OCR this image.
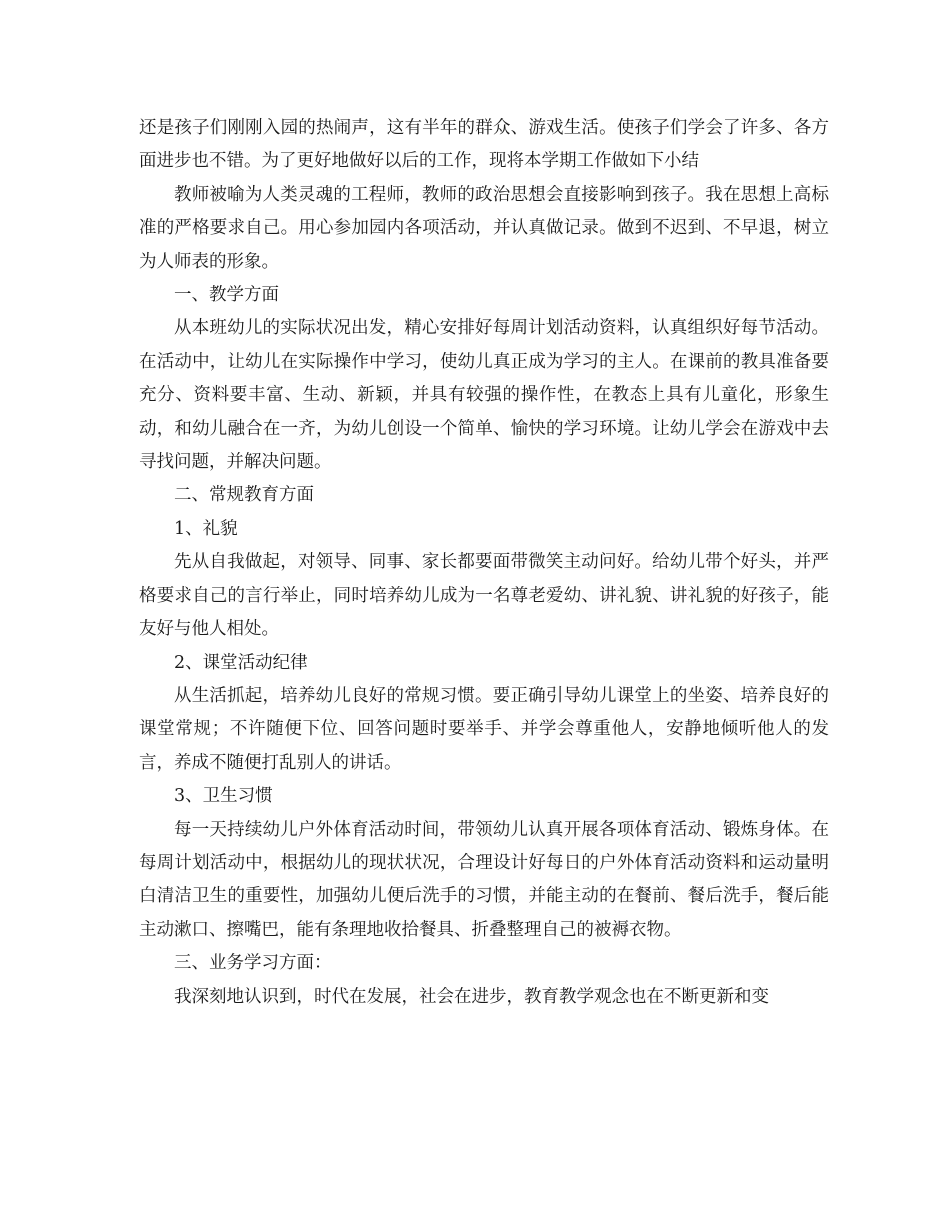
还是孩子们刚刚入园的热闹声，这有半年的群众、游戏生活。使孩子们学会了许多、各方面进步也不错。为了更好地做好以后的工作，现将本学期工作做如下小结

教师被喻为人类灵魂的工程师，教师的政治思想会直接影响到孩子。我在思想上高标准的严格要求自己。用心参加园内各项活动，并认真做记录。做到不迟到、不早退，树立为人师表的形象。

一、教学方面

从本班幼儿的实际状况出发，精心安排好每周计划活动资料，认真组织好每节活动。在活动中，让幼儿在实际操作中学习，使幼儿真正成为学习的主人。在课前的教具准备要充分、资料要丰富、生动、新颖，并具有较强的操作性，在教态上具有儿童化，形象生动，和幼儿融合在一齐，为幼儿创设一个简单、愉快的学习环境。让幼儿学会在游戏中去寻找问题，并解决问题。

二、常规教育方面

1、礼貌

先从自我做起，对领导、同事、家长都要面带微笑主动问好。给幼儿带个好头，并严格要求自己的言行举止，同时培养幼儿成为一名尊老爱幼、讲礼貌、讲礼貌的好孩子，能友好与他人相处。

2、课堂活动纪律

从生活抓起，培养幼儿良好的常规习惯。要正确引导幼儿课堂上的坐姿、培养良好的课堂常规；不许随便下位、回答问题时要举手、并学会尊重他人，安静地倾听他人的发言，养成不随便打乱别人的讲话。

3、卫生习惯

每一天持续幼儿户外体育活动时间，带领幼儿认真开展各项体育活动、锻炼身体。在每周计划活动中，根据幼儿的现状状况，合理设计好每日的户外体育活动资料和运动量明白清洁卫生的重要性，加强幼儿便后洗手的习惯，并能主动的在餐前、餐后洗手，餐后能主动漱口、擦嘴巴，能有条理地收拾餐具、折叠整理自己的被褥衣物。

三、业务学习方面：

我深刻地认识到，时代在发展，社会在进步，教育教学观念也在不断更新和变
